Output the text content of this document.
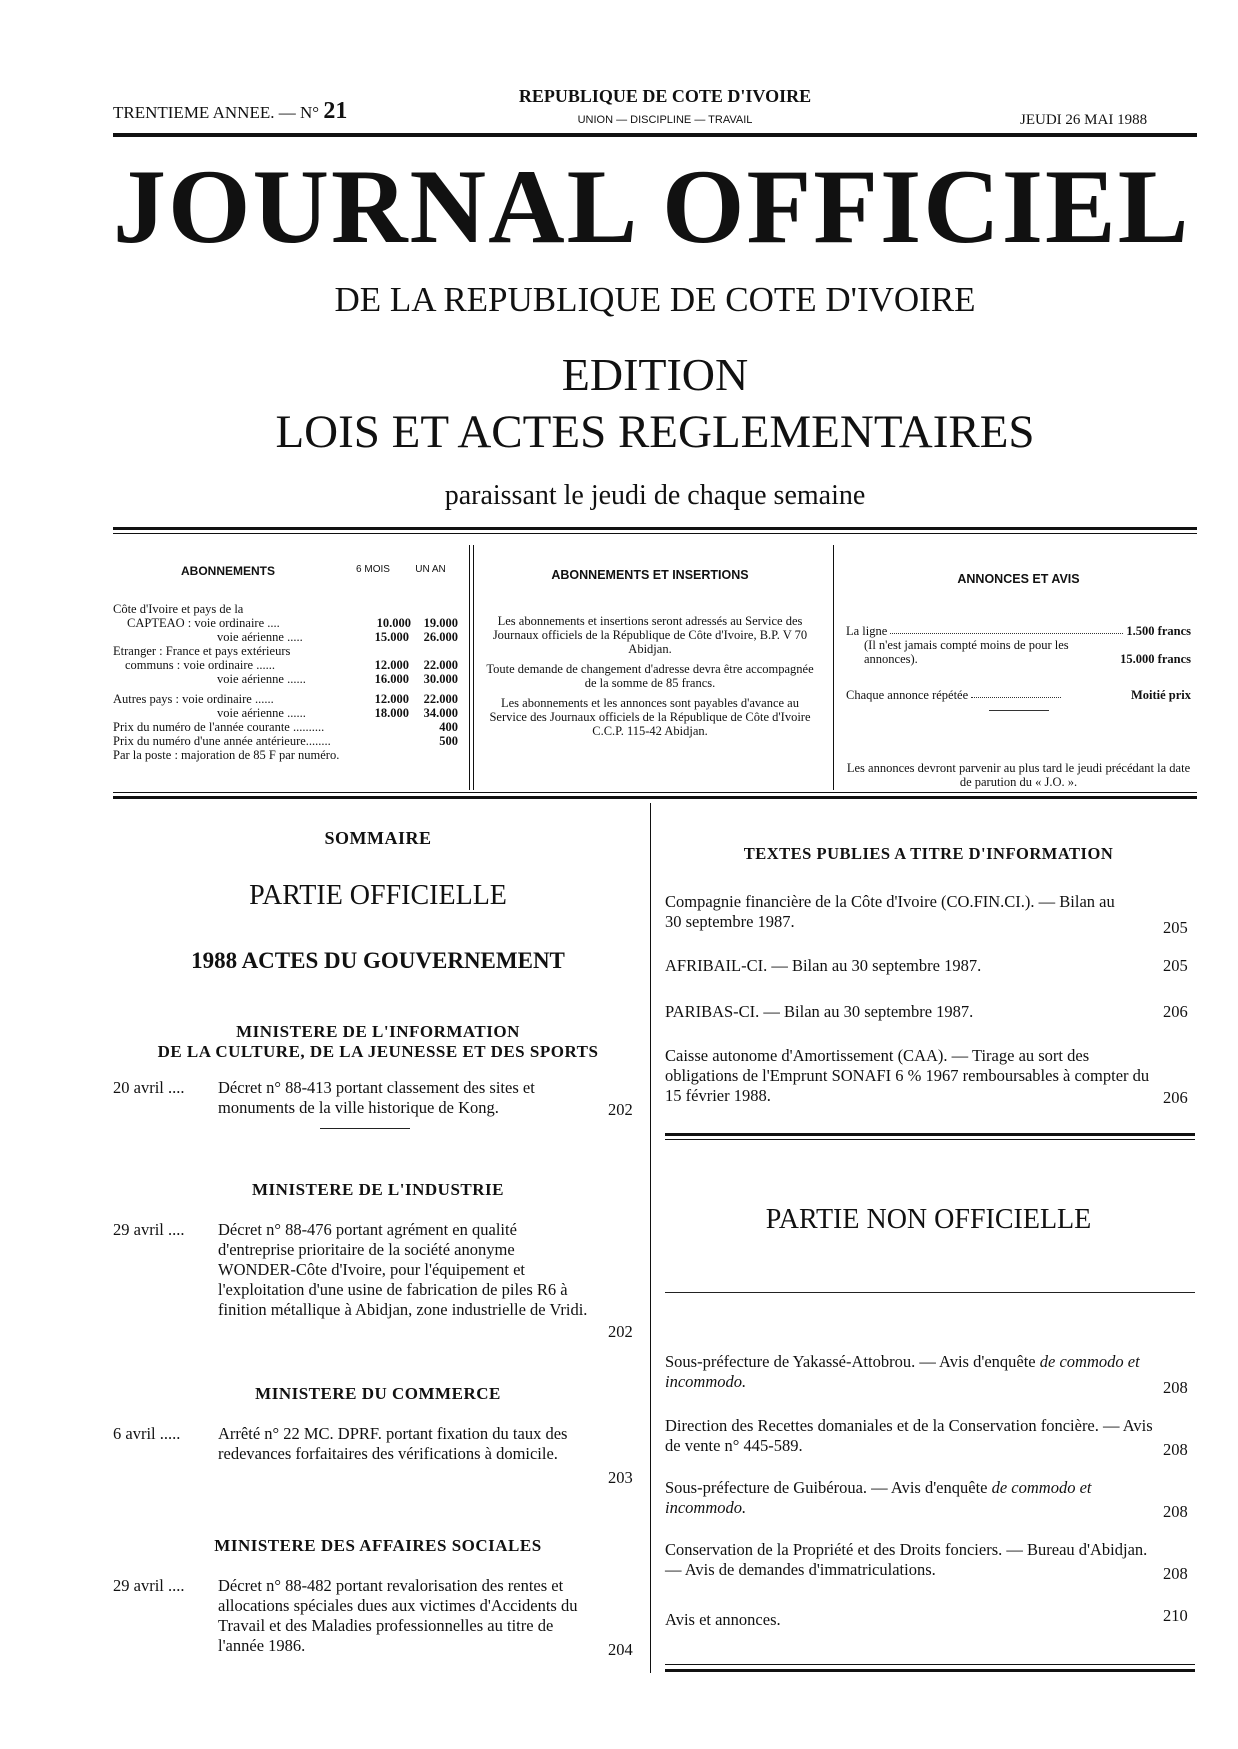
TRENTIEME ANNEE. — N° 21
REPUBLIQUE DE COTE D'IVOIRE
UNION — DISCIPLINE — TRAVAIL	JEUDI 26 MAI 1988
JOURNAL OFFICIEL
DE LA REPUBLIQUE DE COTE D'IVOIRE
EDITION
LOIS ET ACTES REGLEMENTAIRES
paraissant le jeudi de chaque semaine
ABONNEMENTS	6 MOIS	UN AN
Côte d'Ivoire et pays de la
CAPTEAO : voie ordinaire ....	10.000	19.000
voie aérienne .....	15.000	26.000
Etranger : France et pays extérieurs
communs : voie ordinaire ......	12.000	22.000
voie aérienne ......	16.000	30.000
Autres pays : voie ordinaire ......	12.000	22.000
voie aérienne ......	18.000	34.000
Prix du numéro de l'année courante ..........	400
Prix du numéro d'une année antérieure........	500
Par la poste : majoration de 85 F par numéro.
ABONNEMENTS ET INSERTIONS
Les abonnements et insertions seront adressés au Service des Journaux officiels de la République de Côte d'Ivoire, B.P. V 70 Abidjan.
Toute demande de changement d'adresse devra être accompagnée de la somme de 85 francs.
Les abonnements et les annonces sont payables d'avance au Service des Journaux officiels de la République de Côte d'Ivoire C.C.P. 115-42 Abidjan.
ANNONCES ET AVIS
La ligne	1.500 francs
(Il n'est jamais compté moins de pour les annonces).	15.000 francs
Chaque annonce répétée	Moitié prix
Les annonces devront parvenir au plus tard le jeudi précédant la date de parution du « J.O. ».
SOMMAIRE
PARTIE OFFICIELLE
1988 ACTES DU GOUVERNEMENT
MINISTERE DE L'INFORMATION
DE LA CULTURE, DE LA JEUNESSE ET DES SPORTS
20 avril ....	Décret n° 88-413 portant classement des sites et monuments de la ville historique de Kong.	202
MINISTERE DE L'INDUSTRIE
29 avril ....	Décret n° 88-476 portant agrément en qualité d'entreprise prioritaire de la société anonyme WONDER-Côte d'Ivoire, pour l'équipement et l'exploitation d'une usine de fabrication de piles R6 à finition métallique à Abidjan, zone industrielle de Vridi.
202
MINISTERE DU COMMERCE
6 avril .....	Arrêté n° 22 MC. DPRF. portant fixation du taux des redevances forfaitaires des vérifications à domicile.
203
MINISTERE DES AFFAIRES SOCIALES
29 avril ....	Décret n° 88-482 portant revalorisation des rentes et allocations spéciales dues aux victimes d'Accidents du Travail et des Maladies professionnelles au titre de l'année 1986.	204
TEXTES PUBLIES A TITRE D'INFORMATION
Compagnie financière de la Côte d'Ivoire (CO.FIN.CI.). — Bilan au 30 septembre 1987.	205
AFRIBAIL-CI. — Bilan au 30 septembre 1987.	205
PARIBAS-CI. — Bilan au 30 septembre 1987.	206
Caisse autonome d'Amortissement (CAA). — Tirage au sort des obligations de l'Emprunt SONAFI 6 % 1967 remboursables à compter du 15 février 1988.	206
PARTIE NON OFFICIELLE
Sous-préfecture de Yakassé-Attobrou. — Avis d'enquête de commodo et incommodo.	208
Direction des Recettes domaniales et de la Conservation foncière. — Avis de vente n° 445-589.	208
Sous-préfecture de Guibéroua. — Avis d'enquête de commodo et incommodo.	208
Conservation de la Propriété et des Droits fonciers. — Bureau d'Abidjan. — Avis de demandes d'immatriculations.	208
Avis et annonces.	210
